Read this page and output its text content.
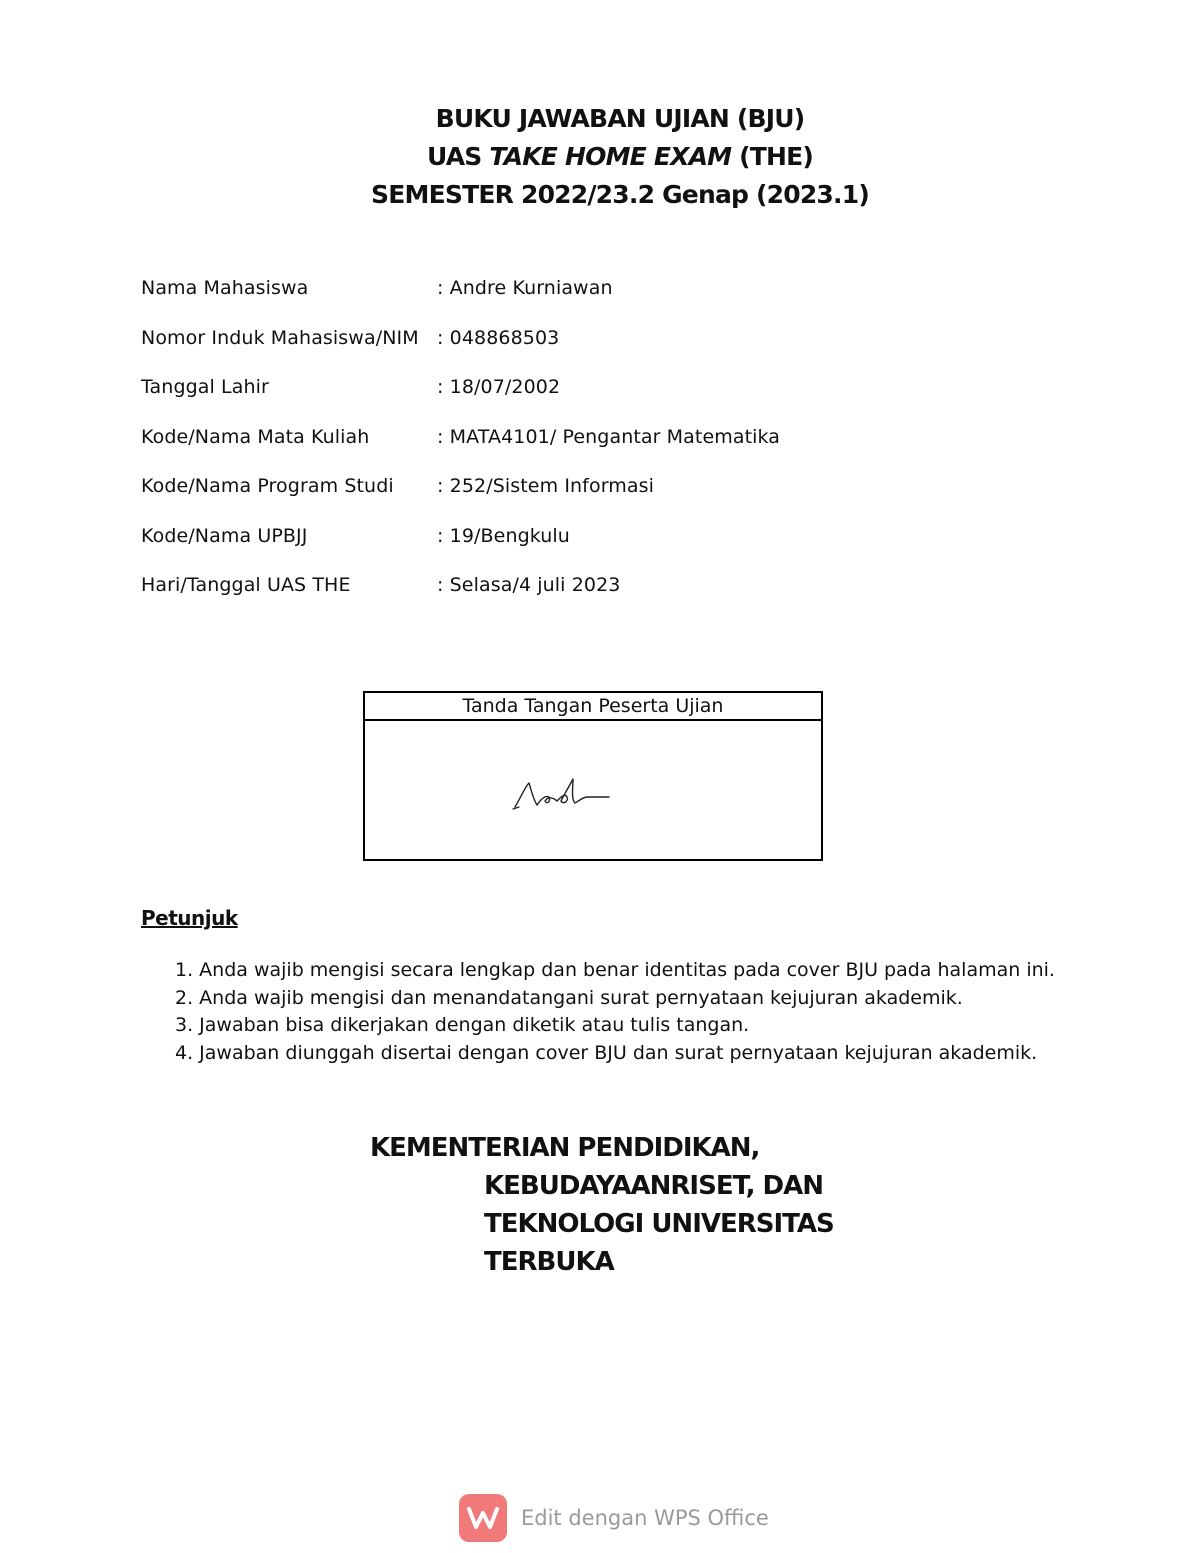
BUKU JAWABAN UJIAN (BJU)
UAS TAKE HOME EXAM (THE)
SEMESTER 2022/23.2 Genap (2023.1)
Nama Mahasiswa	: Andre Kurniawan
Nomor Induk Mahasiswa/NIM : 048868503
Tanggal Lahir	: 18/07/2002
Kode/Nama Mata Kuliah	: MATA4101/ Pengantar Matematika
Kode/Nama Program Studi : 252/Sistem Informasi
Kode/Nama UPBJJ	: 19/Bengkulu
Hari/Tanggal UAS THE	: Selasa/4 juli 2023
Tanda Tangan Peserta Ujian
Petunjuk
1. Anda wajib mengisi secara lengkap dan benar identitas pada cover BJU pada halaman ini.
2. Anda wajib mengisi dan menandatangani surat pernyataan kejujuran akademik.
3. Jawaban bisa dikerjakan dengan diketik atau tulis tangan.
4. Jawaban diunggah disertai dengan cover BJU dan surat pernyataan kejujuran akademik.
KEMENTERIAN PENDIDIKAN,
KEBUDAYAANRISET, DAN
TEKNOLOGI UNIVERSITAS
TERBUKA
Edit dengan WPS Office
